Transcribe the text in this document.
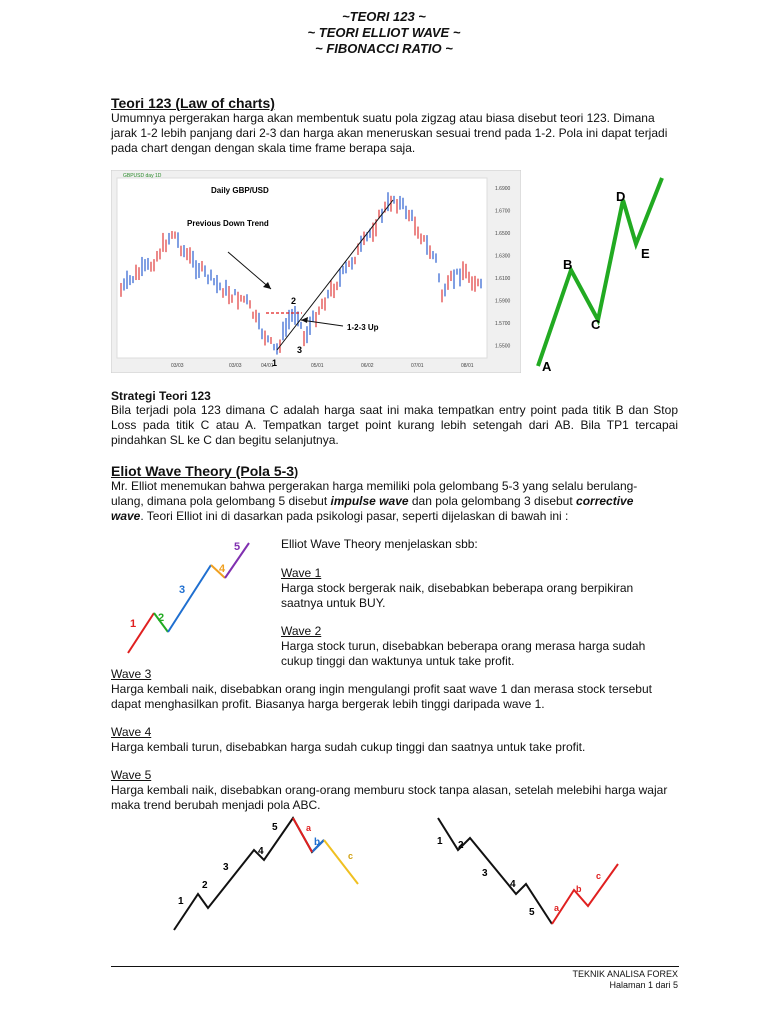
~TEORI 123 ~
~ TEORI ELLIOT WAVE ~
~ FIBONACCI RATIO ~
Teori 123 (Law of charts)
Umumnya pergerakan harga akan membentuk suatu pola zigzag atau biasa disebut teori 123. Dimana jarak 1-2 lebih panjang dari 2-3 dan harga akan meneruskan sesuai trend pada 1-2. Pola ini dapat terjadi pada chart dengan dengan skala time frame berapa saja.
GBPUSD day 1D
Daily GBP/USD
Previous Down Trend
1-2-3 Up
1
2
3
1.6900
1.6700
1.6500
1.6300
1.6100
1.5900
1.5700
1.5500
03/03	03/03	04/01	05/01	06/02	07/01	08/01	A
B
C
D
E
Strategi Teori 123
Bila terjadi pola 123 dimana C adalah harga saat ini maka tempatkan entry point pada titik B dan Stop Loss pada titik C atau A. Tempatkan target point kurang lebih setengah dari AB. Bila TP1 tercapai pindahkan SL ke C dan begitu selanjutnya.
Eliot Wave Theory (Pola 5-3)
Mr. Elliot menemukan bahwa pergerakan harga memiliki pola gelombang 5-3 yang selalu berulang-ulang, dimana pola gelombang 5 disebut impulse wave dan pola gelombang 3 disebut corrective wave. Teori Elliot ini di dasarkan pada psikologi pasar, seperti dijelaskan di bawah ini :
1 2
3
4
5	Elliot Wave Theory menjelaskan sbb:
Wave 1
Harga stock bergerak naik, disebabkan beberapa orang berpikiran saatnya untuk BUY.
Wave 2
Harga stock turun, disebabkan beberapa orang merasa harga sudah cukup tinggi dan waktunya untuk take profit.
Wave 3
Harga kembali naik, disebabkan orang ingin mengulangi profit saat wave 1 dan merasa stock tersebut dapat menghasilkan profit. Biasanya harga bergerak lebih tinggi daripada wave 1.
Wave 4
Harga kembali turun, disebabkan harga sudah cukup tinggi dan saatnya untuk take profit.
Wave 5
Harga kembali naik, disebabkan orang-orang memburu stock tanpa alasan, setelah melebihi harga wajar maka trend berubah menjadi pola ABC.
1
2
3
4
5	a
b
c
1 2
3
4
5 a
b
c
TEKNIK ANALISA FOREX
Halaman 1 dari 5
